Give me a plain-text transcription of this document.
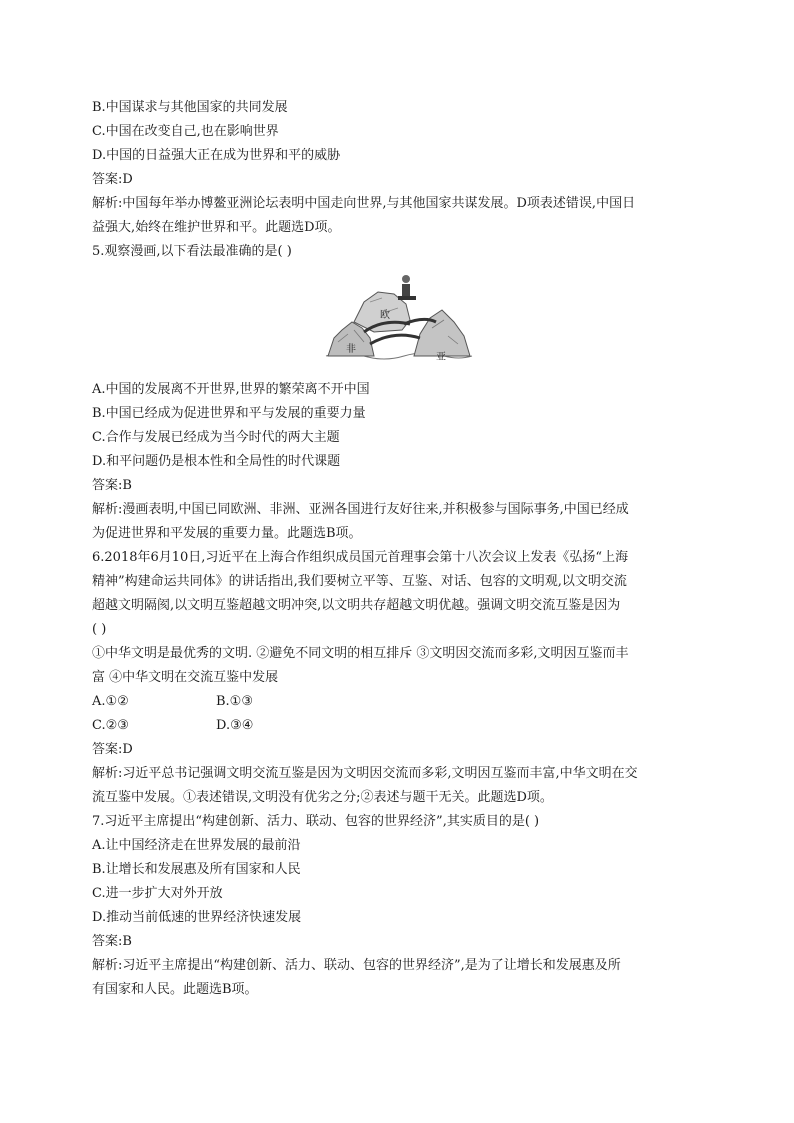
B.中国谋求与其他国家的共同发展
C.中国在改变自己,也在影响世界
D.中国的日益强大正在成为世界和平的威胁
答案:D
解析:中国每年举办博鳌亚洲论坛表明中国走向世界,与其他国家共谋发展。D项表述错误,中国日
益强大,始终在维护世界和平。此题选D项。
5.观察漫画,以下看法最准确的是( )
欧
非
亚
A.中国的发展离不开世界,世界的繁荣离不开中国
B.中国已经成为促进世界和平与发展的重要力量
C.合作与发展已经成为当今时代的两大主题
D.和平问题仍是根本性和全局性的时代课题
答案:B
解析:漫画表明,中国已同欧洲、非洲、亚洲各国进行友好往来,并积极参与国际事务,中国已经成
为促进世界和平发展的重要力量。此题选B项。
6.2018年6月10日,习近平在上海合作组织成员国元首理事会第十八次会议上发表《弘扬“上海
精神”构建命运共同体》的讲话指出,我们要树立平等、互鉴、对话、包容的文明观,以文明交流
超越文明隔阂,以文明互鉴超越文明冲突,以文明共存超越文明优越。强调文明交流互鉴是因为
( )
①中华文明是最优秀的文明. ②避免不同文明的相互排斥 ③文明因交流而多彩,文明因互鉴而丰
富 ④中华文明在交流互鉴中发展
A.①②	B.①③
C.②③	D.③④
答案:D
解析:习近平总书记强调文明交流互鉴是因为文明因交流而多彩,文明因互鉴而丰富,中华文明在交
流互鉴中发展。①表述错误,文明没有优劣之分;②表述与题干无关。此题选D项。
7.习近平主席提出“构建创新、活力、联动、包容的世界经济”,其实质目的是( )
A.让中国经济走在世界发展的最前沿
B.让增长和发展惠及所有国家和人民
C.进一步扩大对外开放
D.推动当前低速的世界经济快速发展
答案:B
解析:习近平主席提出“构建创新、活力、联动、包容的世界经济”,是为了让增长和发展惠及所
有国家和人民。此题选B项。
